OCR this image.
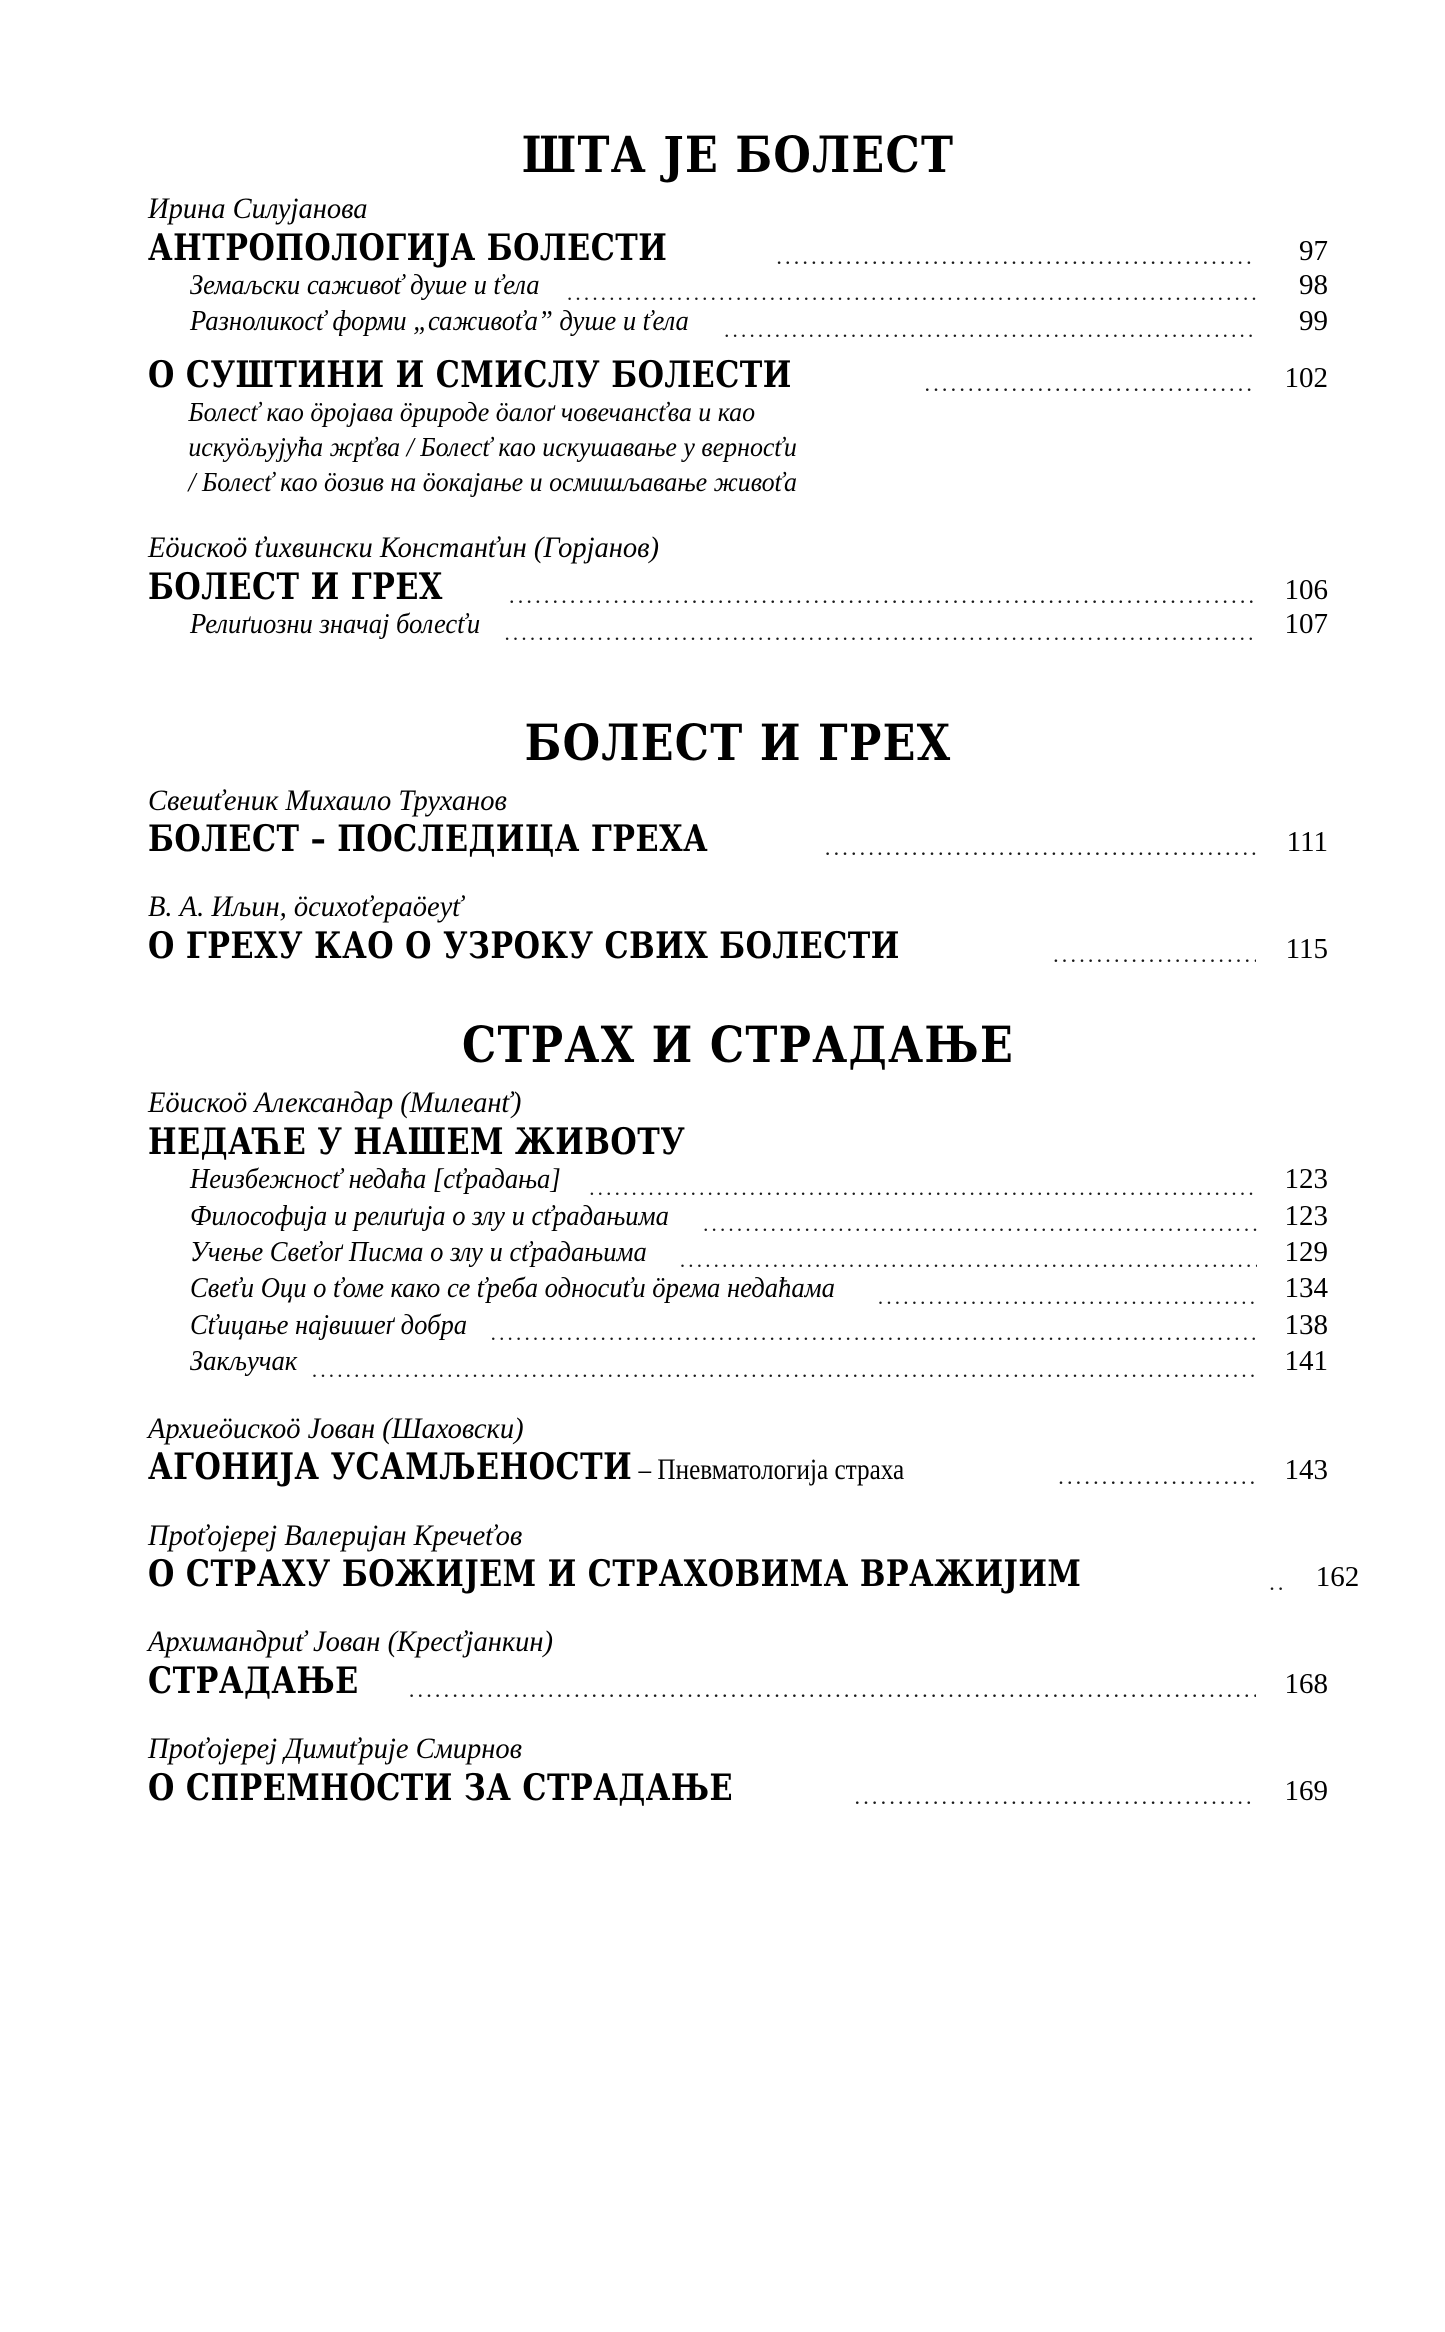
ШТА ЈЕ БОЛЕСТ
Ирина Силујанова
АНТРОПОЛОГИЈА БОЛЕСТИ .....	97
Земаљски саживоť душе и ťела .....	98
Разноликосť форми „саживоťа” душе и ťела .....	99
О СУШТИНИ И СМИСЛУ БОЛЕСТИ .....	102
Болесť као ӧројава ӧрироде ӧалоґ човечансťва и као
искуӧљујућа жрťва / Болесť као искушавање у верносťи
/ Болесť као ӧозив на ӧокајање и осмишљавање живоťа
Еӧискоӧ ťихвински Констанťин (Горјанов)
БОЛЕСТ И ГРЕХ .....	106
Релиґиозни значај болесťи .....	107
БОЛЕСТ И ГРЕХ
Свешťеник Михаило Труханов
БОЛЕСТ – ПОСЛЕДИЦА ГРЕХА .....	111
В. А. Иљин, ӧсихоťераӧеуť
О ГРЕХУ КАО О УЗРОКУ СВИХ БОЛЕСТИ .....	115
СТРАХ И СТРАДАЊЕ
Еӧискоӧ Александар (Милеанť)
НЕДАЋЕ У НАШЕМ ЖИВОТУ
Неизбежносť недаћа [сťрадања] .....	123
Философија и релиґија о злу и сťрадањима .....	123
Учење Свеťоґ Писма о злу и сťрадањима .....	129
Свеťи Оци о ťоме како се ťреба односиťи ӧрема недаћама .....	134
Сťицање највишеґ добра .....	138
Закључак .....	141
Архиеӧискоӧ Јован (Шаховски)
АГОНИЈА УСАМЉЕНОСТИ – Пневматологија страха .....	143
Проťојереј Валеријан Кречеťов
О СТРАХУ БОЖИЈЕМ И СТРАХОВИМА ВРАЖИЈИМ .....	162
Архимандриť Јован (Кресťјанкин)
СТРАДАЊЕ .....	168
Проťојереј Димиťрије Смирнов
О СПРЕМНОСТИ ЗА СТРАДАЊЕ .....	169
